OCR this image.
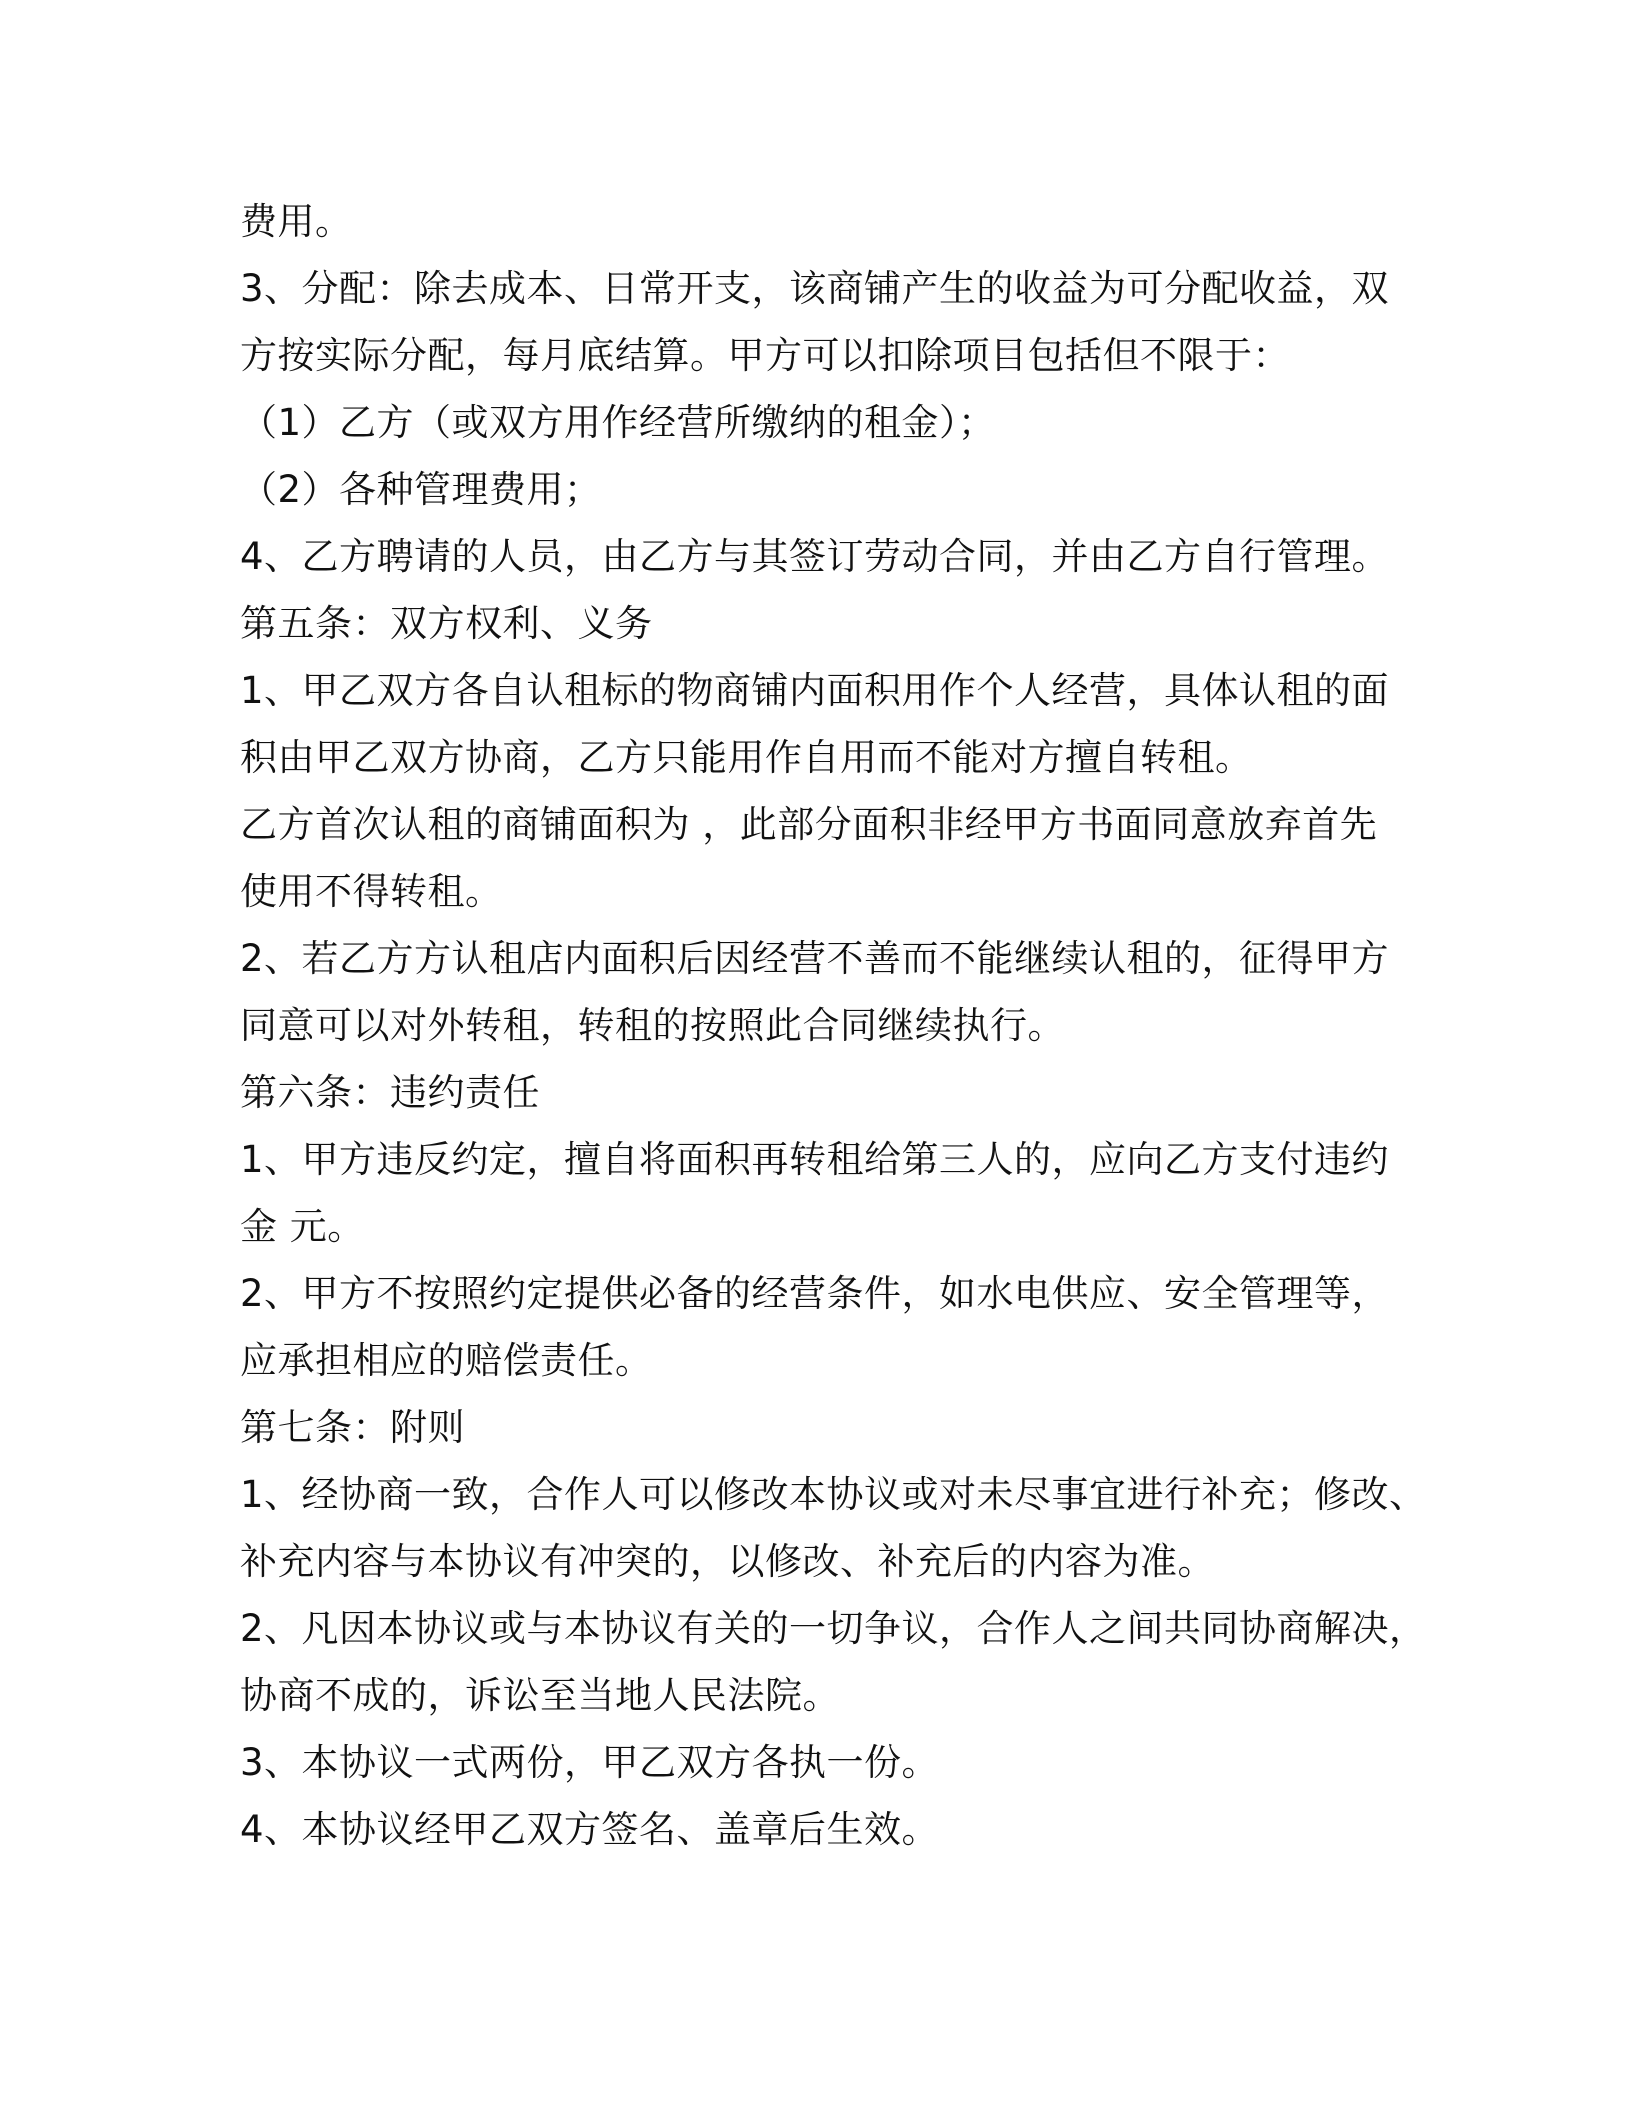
费用。
3、分配：除去成本、日常开支，该商铺产生的收益为可分配收益，双
方按实际分配，每月底结算。甲方可以扣除项目包括但不限于：
（1）乙方（或双方用作经营所缴纳的租金）；
（2）各种管理费用；
4、乙方聘请的人员，由乙方与其签订劳动合同，并由乙方自行管理。
第五条：双方权利、义务
1、甲乙双方各自认租标的物商铺内面积用作个人经营，具体认租的面
积由甲乙双方协商，乙方只能用作自用而不能对方擅自转租。
乙方首次认租的商铺面积为 ，此部分面积非经甲方书面同意放弃首先
使用不得转租。
2、若乙方方认租店内面积后因经营不善而不能继续认租的，征得甲方
同意可以对外转租，转租的按照此合同继续执行。
第六条：违约责任
1、甲方违反约定，擅自将面积再转租给第三人的，应向乙方支付违约
金 元。
2、甲方不按照约定提供必备的经营条件，如水电供应、安全管理等，
应承担相应的赔偿责任。
第七条：附则
1、经协商一致，合作人可以修改本协议或对未尽事宜进行补充；修改、
补充内容与本协议有冲突的，以修改、补充后的内容为准。
2、凡因本协议或与本协议有关的一切争议，合作人之间共同协商解决，
协商不成的，诉讼至当地人民法院。
3、本协议一式两份，甲乙双方各执一份。
4、本协议经甲乙双方签名、盖章后生效。
